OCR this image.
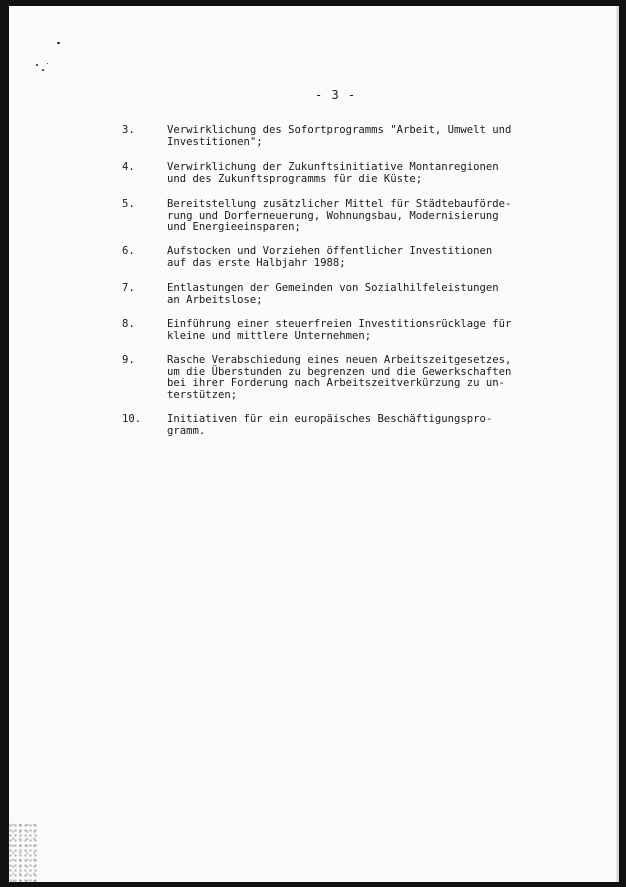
- 3 -
3.	Verwirklichung des Sofortprogramms "Arbeit, Umwelt und
Investitionen";
4.	Verwirklichung der Zukunftsinitiative Montanregionen
und des Zukunftsprogramms für die Küste;
5.	Bereitstellung zusätzlicher Mittel für Städtebauförde-
rung und Dorferneuerung, Wohnungsbau, Modernisierung
und Energieeinsparen;
6.	Aufstocken und Vorziehen öffentlicher Investitionen
auf das erste Halbjahr 1988;
7.	Entlastungen der Gemeinden von Sozialhilfeleistungen
an Arbeitslose;
8.	Einführung einer steuerfreien Investitionsrücklage für
kleine und mittlere Unternehmen;
9.	Rasche Verabschiedung eines neuen Arbeitszeitgesetzes,
um die Überstunden zu begrenzen und die Gewerkschaften
bei ihrer Forderung nach Arbeitszeitverkürzung zu un-
terstützen;
10.	Initiativen für ein europäisches Beschäftigungspro-
gramm.
